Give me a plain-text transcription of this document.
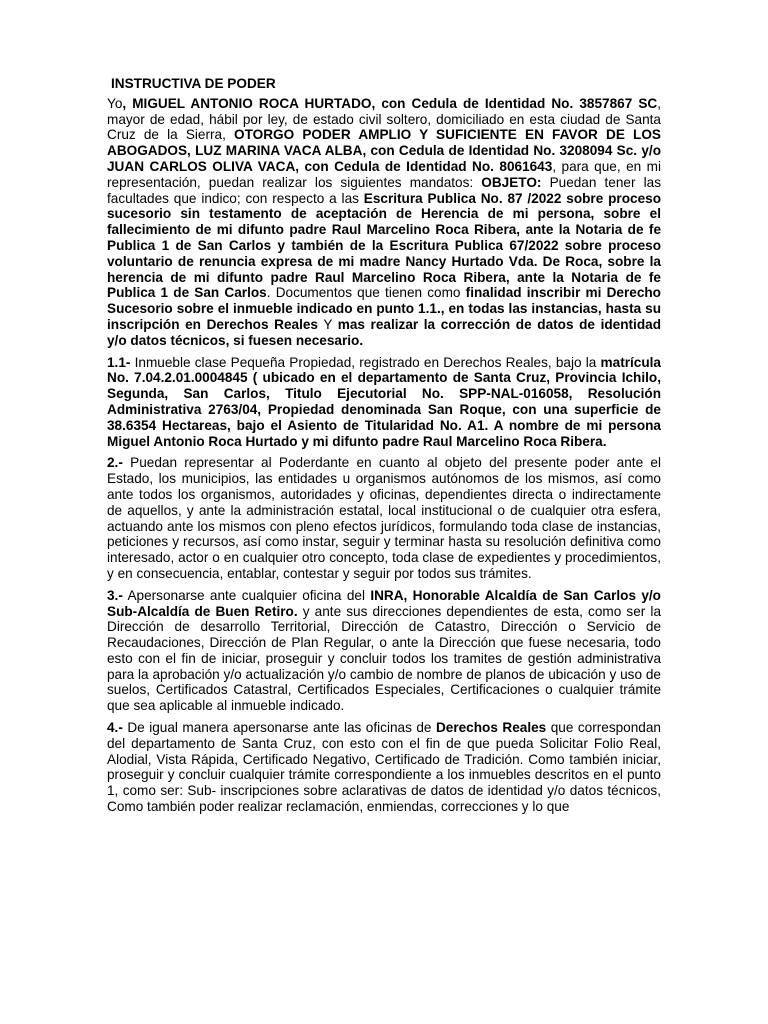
INSTRUCTIVA DE PODER

Yo, MIGUEL ANTONIO ROCA HURTADO, con Cedula de Identidad No. 3857867 SC, mayor de edad, hábil por ley, de estado civil soltero, domiciliado en esta ciudad de Santa Cruz de la Sierra, OTORGO PODER AMPLIO Y SUFICIENTE EN FAVOR DE LOS ABOGADOS, LUZ MARINA VACA ALBA, con Cedula de Identidad No. 3208094 Sc. y/o JUAN CARLOS OLIVA VACA, con Cedula de Identidad No. 8061643, para que, en mi representación, puedan realizar los siguientes mandatos: OBJETO: Puedan tener las facultades que indico; con respecto a las Escritura Publica No. 87 /2022 sobre proceso sucesorio sin testamento de aceptación de Herencia de mi persona, sobre el fallecimiento de mi difunto padre Raul Marcelino Roca Ribera, ante la Notaria de fe Publica 1 de San Carlos y también de la Escritura Publica 67/2022 sobre proceso voluntario de renuncia expresa de mi madre Nancy Hurtado Vda. De Roca, sobre la herencia de mi difunto padre Raul Marcelino Roca Ribera, ante la Notaria de fe Publica 1 de San Carlos. Documentos que tienen como finalidad inscribir mi Derecho Sucesorio sobre el inmueble indicado en punto 1.1., en todas las instancias, hasta su inscripción en Derechos Reales Y mas realizar la corrección de datos de identidad y/o datos técnicos, si fuesen necesario.

1.1- Inmueble clase Pequeña Propiedad, registrado en Derechos Reales, bajo la matrícula No. 7.04.2.01.0004845 ( ubicado en el departamento de Santa Cruz, Provincia Ichilo, Segunda, San Carlos, Titulo Ejecutorial No. SPP-NAL-016058, Resolución Administrativa 2763/04, Propiedad denominada San Roque, con una superficie de 38.6354 Hectareas, bajo el Asiento de Titularidad No. A1. A nombre de mi persona Miguel Antonio Roca Hurtado y mi difunto padre Raul Marcelino Roca Ribera.

2.- Puedan representar al Poderdante en cuanto al objeto del presente poder ante el Estado, los municipios, las entidades u organismos autónomos de los mismos, así como ante todos los organismos, autoridades y oficinas, dependientes directa o indirectamente de aquellos, y ante la administración estatal, local institucional o de cualquier otra esfera, actuando ante los mismos con pleno efectos jurídicos, formulando toda clase de instancias, peticiones y recursos, así como instar, seguir y terminar hasta su resolución definitiva como interesado, actor o en cualquier otro concepto, toda clase de expedientes y procedimientos, y en consecuencia, entablar, contestar y seguir por todos sus trámites.

3.- Apersonarse ante cualquier oficina del INRA, Honorable Alcaldía de San Carlos y/o Sub-Alcaldía de Buen Retiro. y ante sus direcciones dependientes de esta, como ser la Dirección de desarrollo Territorial, Dirección de Catastro, Dirección o Servicio de Recaudaciones, Dirección de Plan Regular, o ante la Dirección que fuese necesaria, todo esto con el fin de iniciar, proseguir y concluir todos los tramites de gestión administrativa para la aprobación y/o actualización y/o cambio de nombre de planos de ubicación y uso de suelos, Certificados Catastral, Certificados Especiales, Certificaciones o cualquier trámite que sea aplicable al inmueble indicado.

4.- De igual manera apersonarse ante las oficinas de Derechos Reales que correspondan del departamento de Santa Cruz, con esto con el fin de que pueda Solicitar Folio Real, Alodial, Vista Rápida, Certificado Negativo, Certificado de Tradición. Como también iniciar, proseguir y concluir cualquier trámite correspondiente a los inmuebles descritos en el punto 1, como ser: Sub- inscripciones sobre aclarativas de datos de identidad y/o datos técnicos, Como también poder realizar reclamación, enmiendas, correcciones y lo que
